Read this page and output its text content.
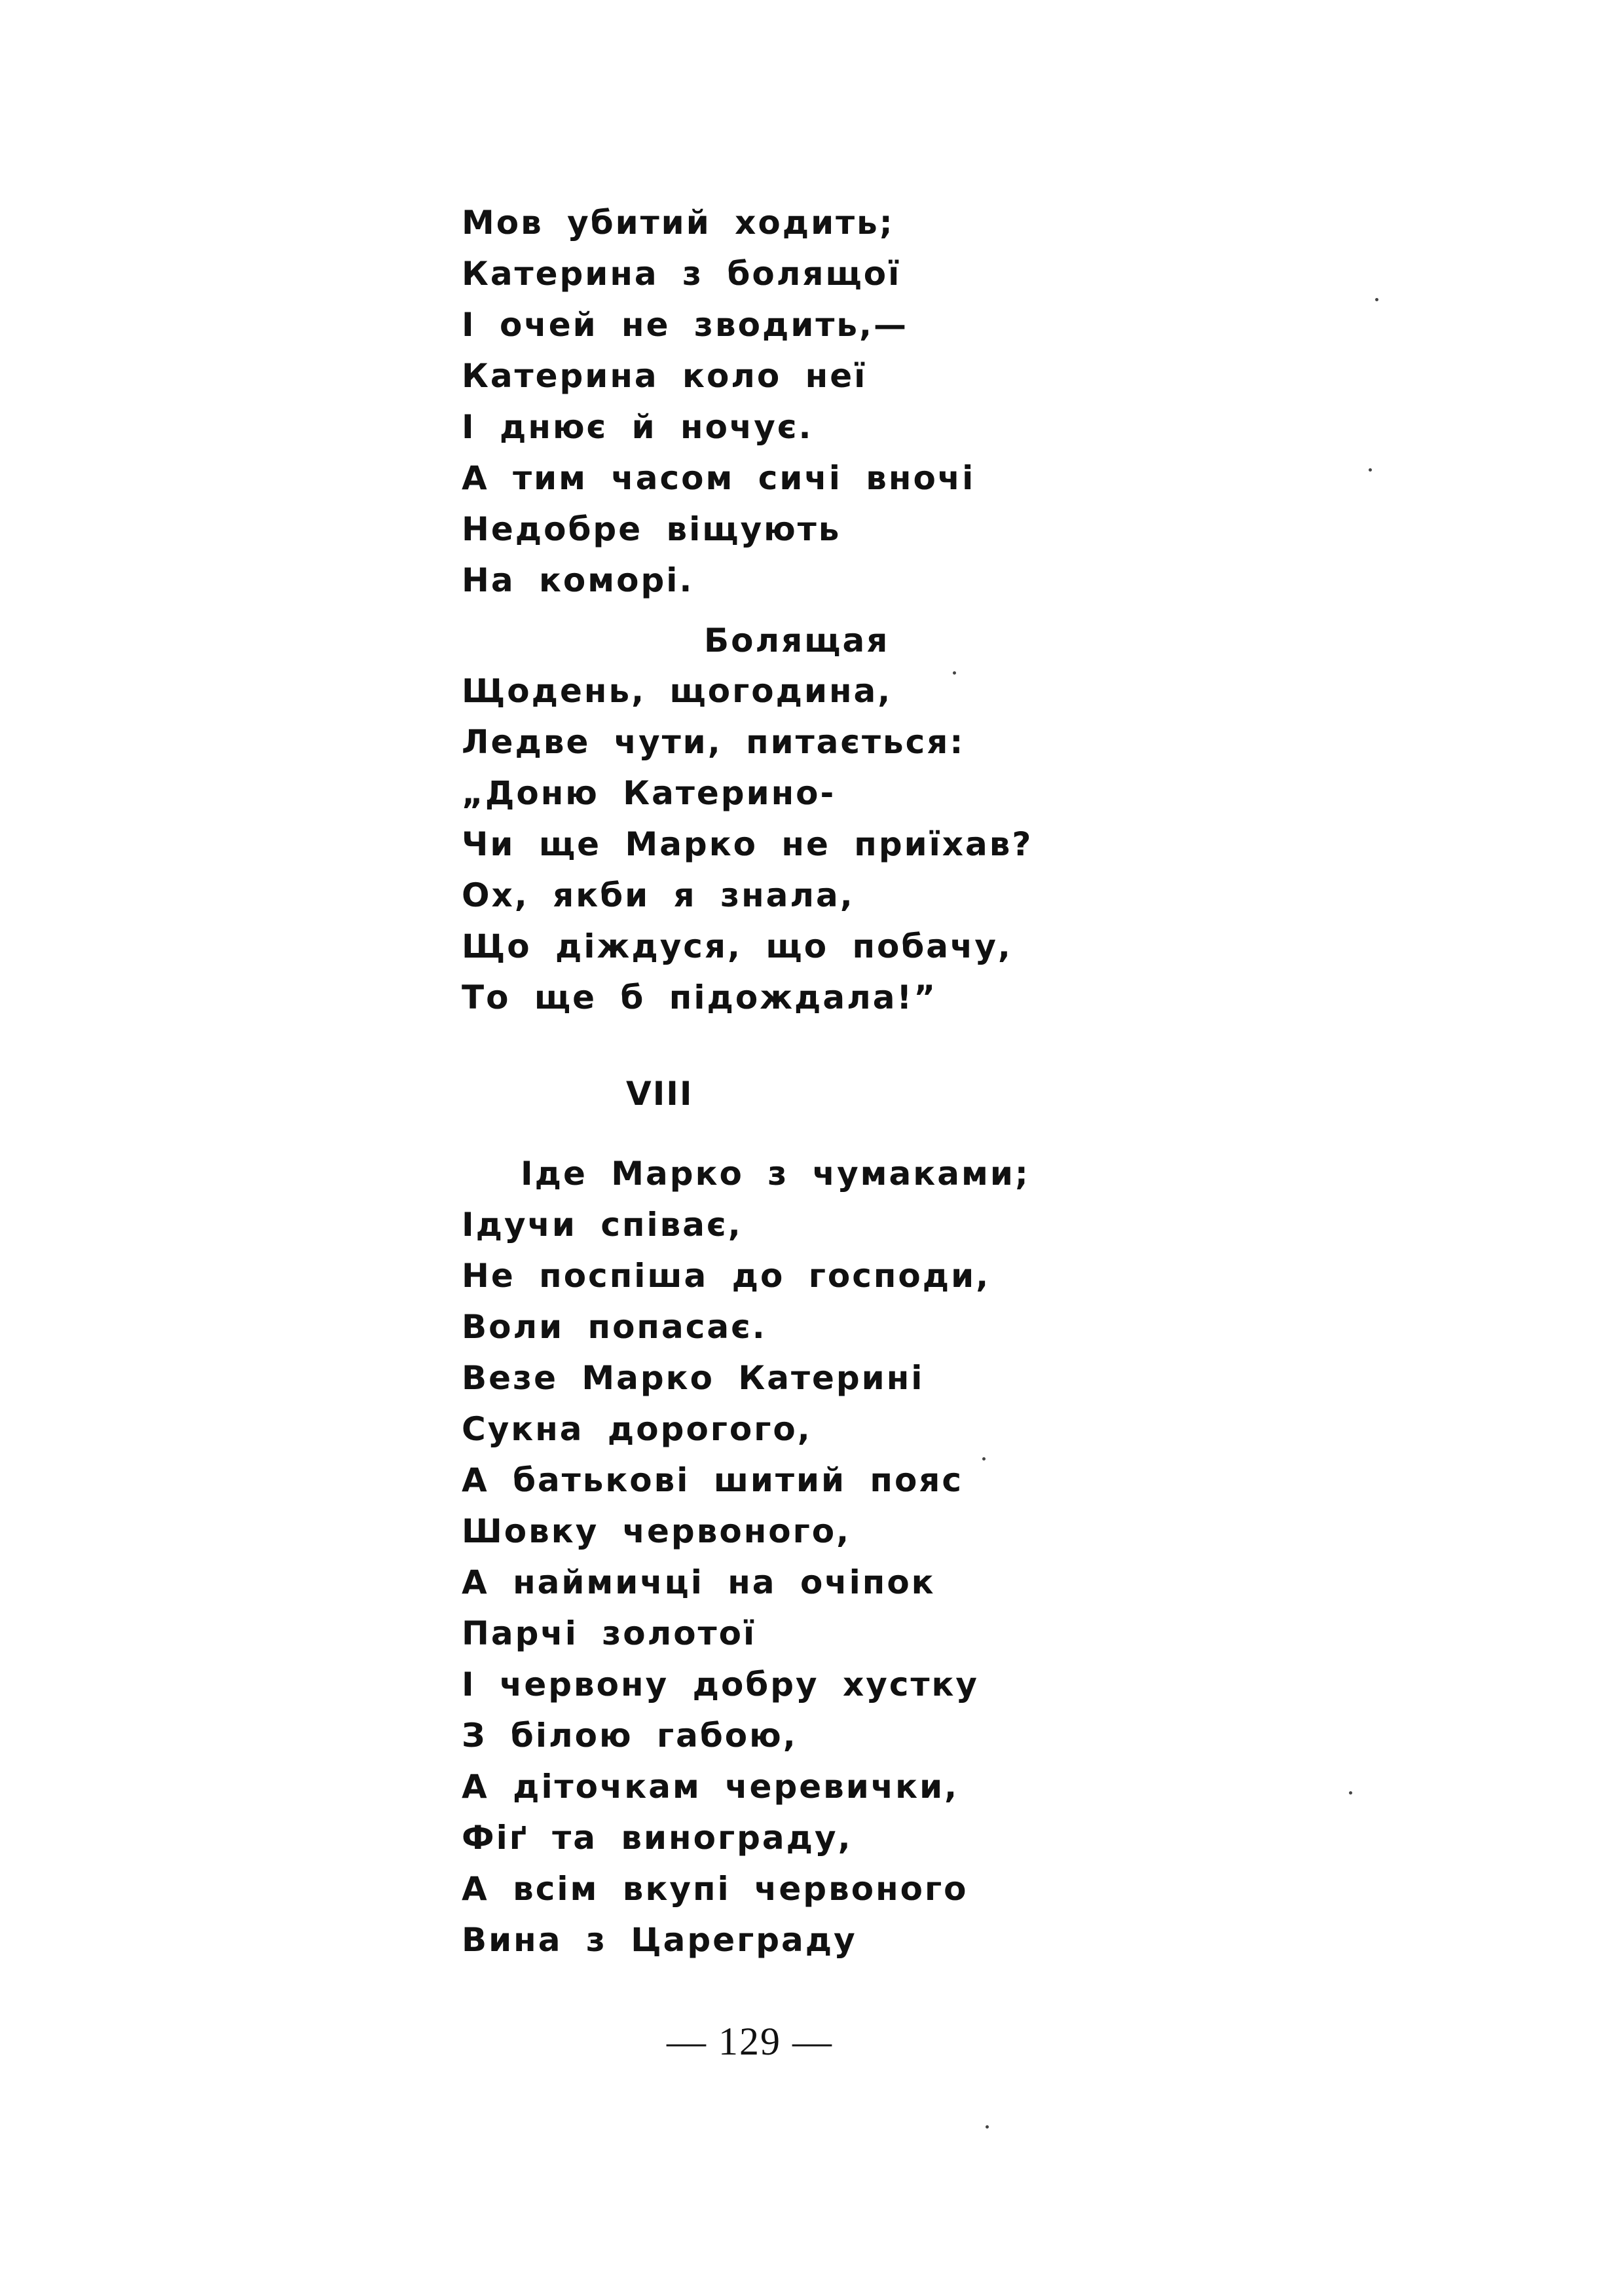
Мов убитий ходить;

Катерина з болящої

І очей не зводить,—

Катерина коло неї

І днює й ночує.

А тим часом сичі вночі

Недобре віщують

На коморі.

Болящая

Щодень, щогодина,

Ледве чути, питається:

„Доню Катерино-

Чи ще Марко не приїхав?

Ох, якби я знала,

Що діждуся, що побачу,

То ще б підождала!”

VIII

Іде Марко з чумаками;

Ідучи співає,

Не поспіша до господи,

Воли попасає.

Везе Марко Катерині

Сукна дорогого,

А батькові шитий пояс

Шовку червоного,

А наймичці на очіпок

Парчі золотої

І червону добру хустку

З білою габою,

А діточкам черевички,

Фіґ та винограду,

А всім вкупі червоного

Вина з Цареграду

— 129 —
